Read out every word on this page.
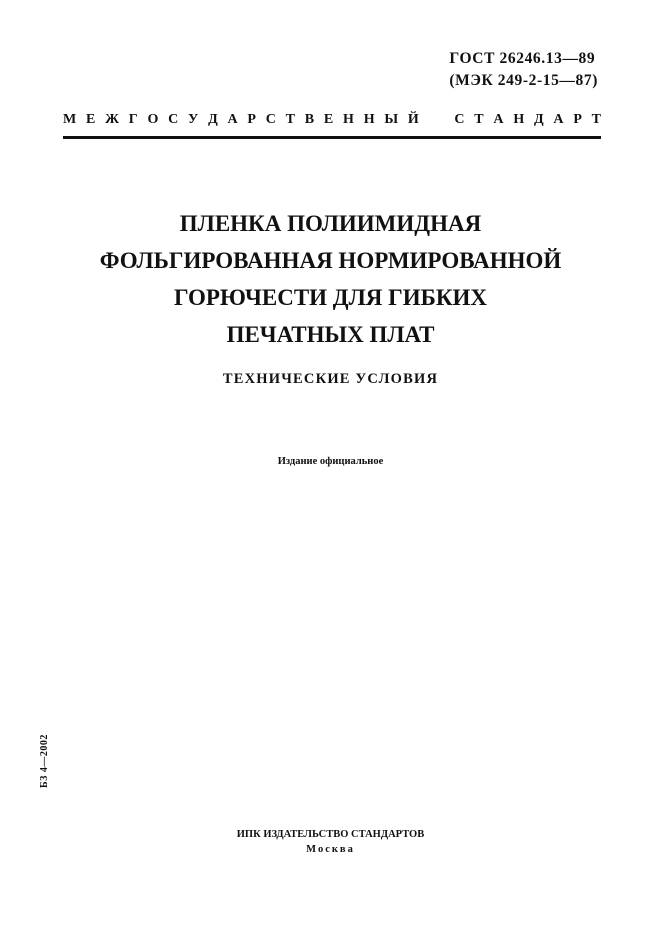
ГОСТ 26246.13—89
(МЭК 249-2-15—87)
М Е Ж Г О С У Д А Р С Т В Е Н Н Ы Й	С Т А Н Д А Р Т
ПЛЕНКА ПОЛИИМИДНАЯ
ФОЛЬГИРОВАННАЯ НОРМИРОВАННОЙ
ГОРЮЧЕСТИ ДЛЯ ГИБКИХ
ПЕЧАТНЫХ ПЛАТ
ТЕХНИЧЕСКИЕ УСЛОВИЯ
Издание официальное
БЗ 4—2002
ИПК ИЗДАТЕЛЬСТВО СТАНДАРТОВ
Москва
